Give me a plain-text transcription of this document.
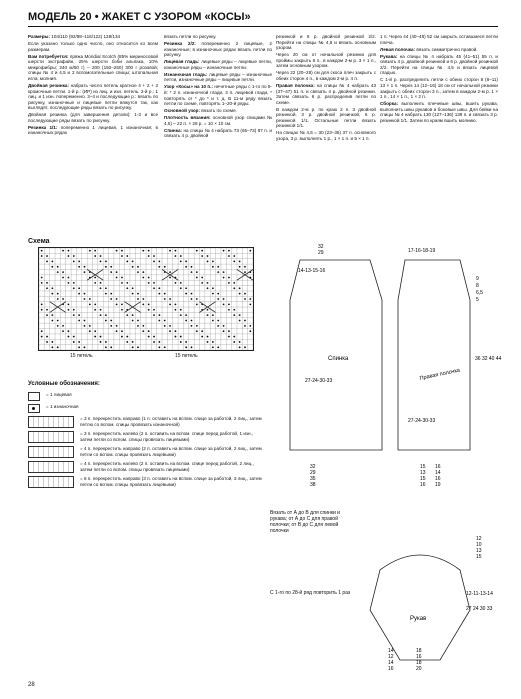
МОДЕЛЬ 20 • ЖАКЕТ С УЗОРОМ «КОСЫ»

Размеры: 104/110 (92/98–116/122) 128/134

Если указано только одно число, оно относится ко всем размерам.

Вам потребуется: пряжа Mondial Scotch (85% мериносовой шерсти экстрафайн, 25% шерсти бэби альпака, 10% микрофибры; 240 м/50 г) – 200 (150–250) 300 г розовой; спицы № 4 и 4,5 и 2 вспомогательные спицы; штопальная игла; молния.

Двойная резинка: набрать число петель кратное 4 + 2 + 2 кромочные петли. 1-й р.: (ИР) из лиц. и изн. петель. 2-й р.: 1 лиц. и 1 изн. попеременно. 3–4 и последующие р.: вязать по рисунку, изнаночные и лицевые петли вяжутся так, как выглядят, последующие ряды вязать по рисунку.

Двойная резинка (для завершения детали): 1-3 и все последующие ряды вязать по рисунку.

Резинка 1/1: попеременно 1 лицевая, 1 изнаночная; в изнаночных рядах

вязать петли по рисунку.

Резинка 2/2: попеременно 2 лицевые, 2 изнаночные; в изнаночных рядах вязать петли по рисунку.

Лицевая гладь: лицевые ряды – лицевые петли, изнаночные ряды – изнаночные петли.

Изнаночная гладь: лицевые ряды – изнаночные петли, изнаночные ряды – лицевые петли.

Узор «Косы» на 10 п.: нечетные ряды с 1-го по 9-й: * 2 п. изнаночной глади, 3 п. лицевой глади, * повторять от * до * и т. д. В 11-м ряду вязать петли по схеме, повторять 1–20-й ряды.

Основной узор: вязать по схеме.

Плотность вязания: основной узор спицами № 4,5) – 22 п. × 28 р. = 10 × 10 см.

Спинка: на спицы № 4 набрать 73 (65–73) 87 п. и связать 4 р. двойной

резинкой и 6 р. двойной резинкой 2/2. Перейти на спицы № 4,5 и вязать основным узором.

Через 20 см от начальной резинки для проймы закрыть 6 п., в каждом 2-м р. 3 × 1 п., затем основным узором.

Через 22 (20–28) см для скоса плеч закрыть с обеих сторон 4 п., в каждом 2-м р. 4 п.

Правая полочка: на спицы № 4 набрать 43 (37–47) 51 п. и связать 4 р. двойной резинки. Затем связать 6 р. распределив петли по схеме.

В каждом 2-м р. по краю 2 п. 3 двойной резинкой, 3 р. двойной резинкой, 6 р. резинкой 1/1. Остальные петли вязать резинкой 1/1.

На спицах № 4,5 = 30 (23–35) 37 п. основного узора, 3 р. выполнять 1 р., 1 × 1 п. и 5 × 1 п.

1 п. Через 44 (40–48) 52 см закрыть оставшиеся петли плеча.

Левая полочка: вязать симметрично правой.

Рукава: на спицы № 4 набрать 45 (41–51) 55 п. и связать 4 р. двойной резинкой и 6 р. двойной резинкой 2/2. Перейти на спицы № 4,5 и вязать лицевой гладью.

С 1-й р. распределить петли с обеих сторон 8 (8–11) 13 × 1 п. Через 14 (12–16) 18 см от начальной резинки закрыть с обеих сторон 3 п., затем в каждом 2-м р. 1 × 1 п., 14 × 1 п., 1 × 2 п.

Сборка: выполнить плечевые швы, вшить рукава, выполнить швы рукавов и боковые швы. Для бейки на спицы № 4 набрать 130 (127–136) 139 п. и связать 3 р. резинкой 1/1. Затем по краям вшить молнию.

Схема
15 петель	15 петель
Условные обозначения:
= 1 лицевая
= 1 изнаночная
= 3 п. перекрестить направо (1 п. оставить на вспом. спице за работой, 2 лиц., затем петлю со вспом. спицы провязать изнаночной)
= 3 п. перекрестить налево (2 п. оставить на вспом. спице перед работой, 1 изн., затем петли со вспом. спицы провязать лицевыми)
= 4 п. перекрестить направо (2 п. оставить на вспом. спице за работой, 2 лиц., затем петли со вспом. спицы провязать лицевыми)
= 4 п. перекрестить налево (2 п. оставить на вспом. спице перед работой, 2 лиц., затем петли со вспом. спицы провязать лицевыми)
= 6 п. перекрестить направо (3 п. оставить на вспом. спице за работой, 3 лиц., затем петли со вспом. спицы провязать лицевыми)
Спинка
27-24-30-33
14-13-15-16
32
29
32
29
35
38
Правая полочка
27-24-30-33
17-16-18-19
36 32 40 44
9
8
6,5
5
15
13
15
16
16
14
16
19
Рукав
12-11-13-14
27 24 30 33
12
10
13
15
18
16
18
20
14
12
14
16
Вязать от А до В для спинки и рукава; от А до С для правой полочки; от В до С для левой полочки
С 1-го по 28-й ряд повторить 1 раз
28
